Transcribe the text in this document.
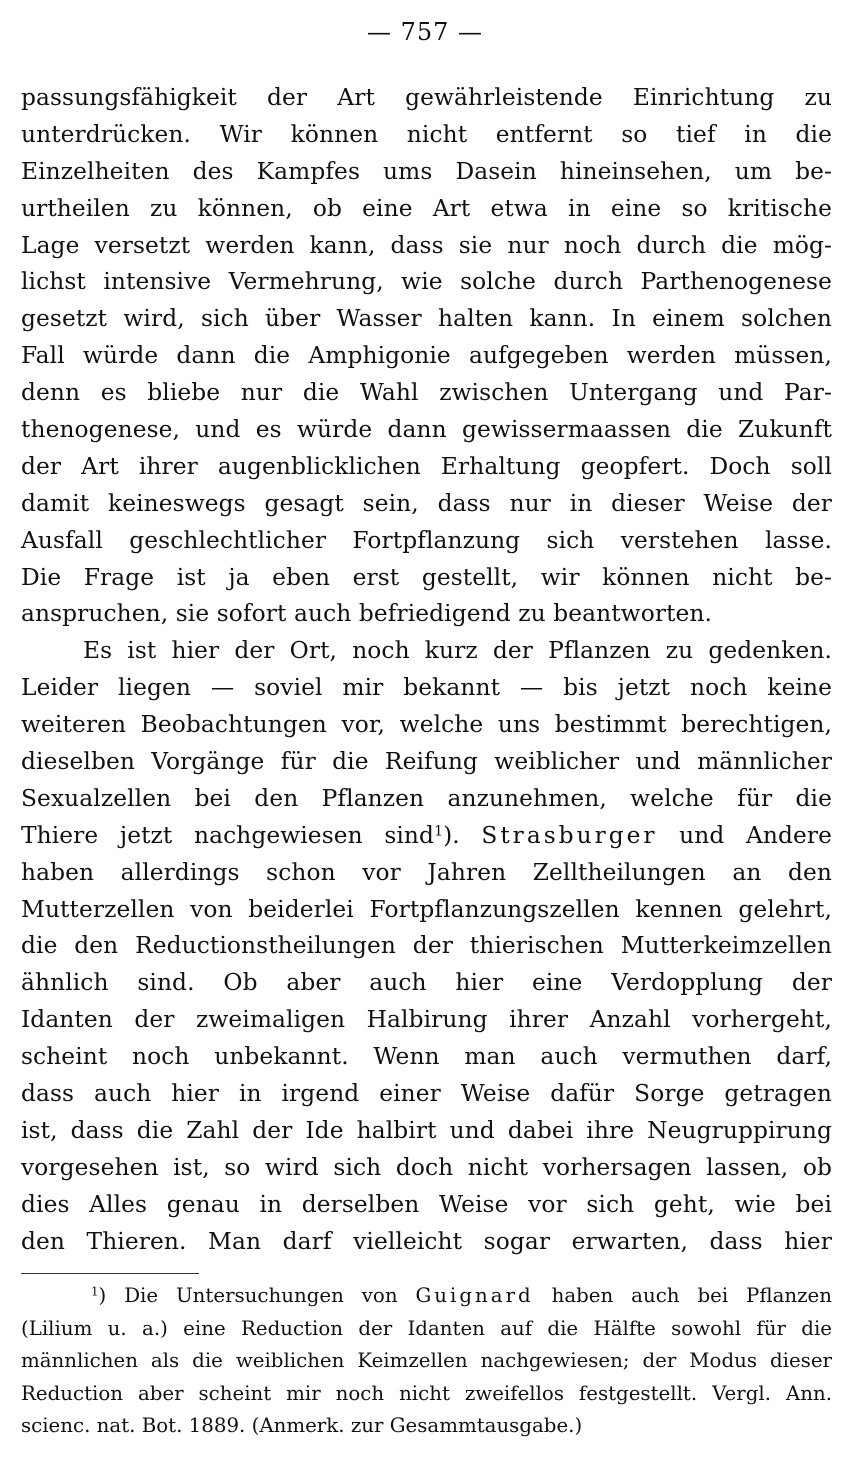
— 757 —
passungsfähigkeit der Art gewährleistende Einrichtung zu
unterdrücken. Wir können nicht entfernt so tief in die
Einzelheiten des Kampfes ums Dasein hineinsehen, um be-
urtheilen zu können, ob eine Art etwa in eine so kritische
Lage versetzt werden kann, dass sie nur noch durch die mög-
lichst intensive Vermehrung, wie solche durch Parthenogenese
gesetzt wird, sich über Wasser halten kann. In einem solchen
Fall würde dann die Amphigonie aufgegeben werden müssen,
denn es bliebe nur die Wahl zwischen Untergang und Par-
thenogenese, und es würde dann gewissermaassen die Zukunft
der Art ihrer augenblicklichen Erhaltung geopfert. Doch soll
damit keineswegs gesagt sein, dass nur in dieser Weise der
Ausfall geschlechtlicher Fortpflanzung sich verstehen lasse.
Die Frage ist ja eben erst gestellt, wir können nicht be-
anspruchen, sie sofort auch befriedigend zu beantworten.
Es ist hier der Ort, noch kurz der Pflanzen zu gedenken.
Leider liegen — soviel mir bekannt — bis jetzt noch keine
weiteren Beobachtungen vor, welche uns bestimmt berechtigen,
dieselben Vorgänge für die Reifung weiblicher und männlicher
Sexualzellen bei den Pflanzen anzunehmen, welche für die
Thiere jetzt nachgewiesen sind$^1$). Strasburger und Andere
haben allerdings schon vor Jahren Zelltheilungen an den
Mutterzellen von beiderlei Fortpflanzungszellen kennen gelehrt,
die den Reductionstheilungen der thierischen Mutterkeimzellen
ähnlich sind. Ob aber auch hier eine Verdopplung der
Idanten der zweimaligen Halbirung ihrer Anzahl vorhergeht,
scheint noch unbekannt. Wenn man auch vermuthen darf,
dass auch hier in irgend einer Weise dafür Sorge getragen
ist, dass die Zahl der Ide halbirt und dabei ihre Neugruppirung
vorgesehen ist, so wird sich doch nicht vorhersagen lassen, ob
dies Alles genau in derselben Weise vor sich geht, wie bei
den Thieren. Man darf vielleicht sogar erwarten, dass hier
$^1$) Die Untersuchungen von Guignard haben auch bei Pflanzen
(Lilium u. a.) eine Reduction der Idanten auf die Hälfte sowohl für die
männlichen als die weiblichen Keimzellen nachgewiesen; der Modus dieser
Reduction aber scheint mir noch nicht zweifellos festgestellt. Vergl. Ann.
scienc. nat. Bot. 1889. (Anmerk. zur Gesammtausgabe.)
